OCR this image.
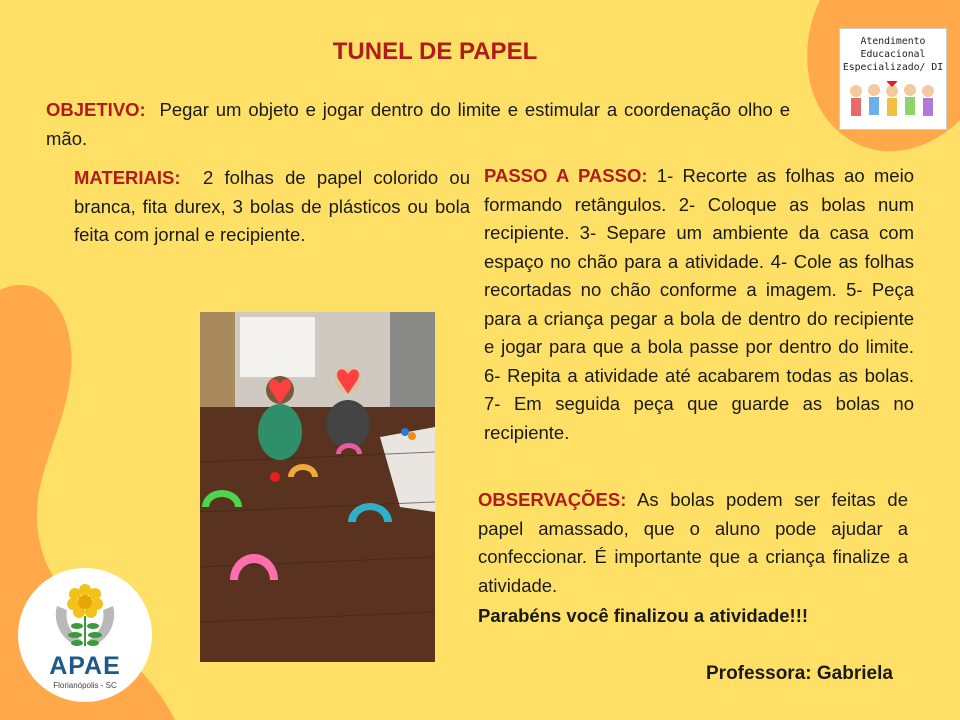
TUNEL DE PAPEL

OBJETIVO: Pegar um objeto e jogar dentro do limite e estimular a coordenação olho e mão.

MATERIAIS: 2 folhas de papel colorido ou branca, fita durex, 3 bolas de plásticos ou bola feita com jornal e recipiente.

PASSO A PASSO: 1- Recorte as folhas ao meio formando retângulos. 2- Coloque as bolas num recipiente. 3- Separe um ambiente da casa com espaço no chão para a atividade. 4- Cole as folhas recortadas no chão conforme a imagem. 5- Peça para a criança pegar a bola de dentro do recipiente e jogar para que a bola passe por dentro do limite. 6- Repita a atividade até acabarem todas as bolas. 7- Em seguida peça que guarde as bolas no recipiente.

OBSERVAÇÕES: As bolas podem ser feitas de papel amassado, que o aluno pode ajudar a confeccionar. É importante que a criança finalize a atividade.

Parabéns você finalizou a atividade!!!

Professora: Gabriela

Atendimento
Educacional
Especializado/ DI
APAE
Florianópolis - SC
